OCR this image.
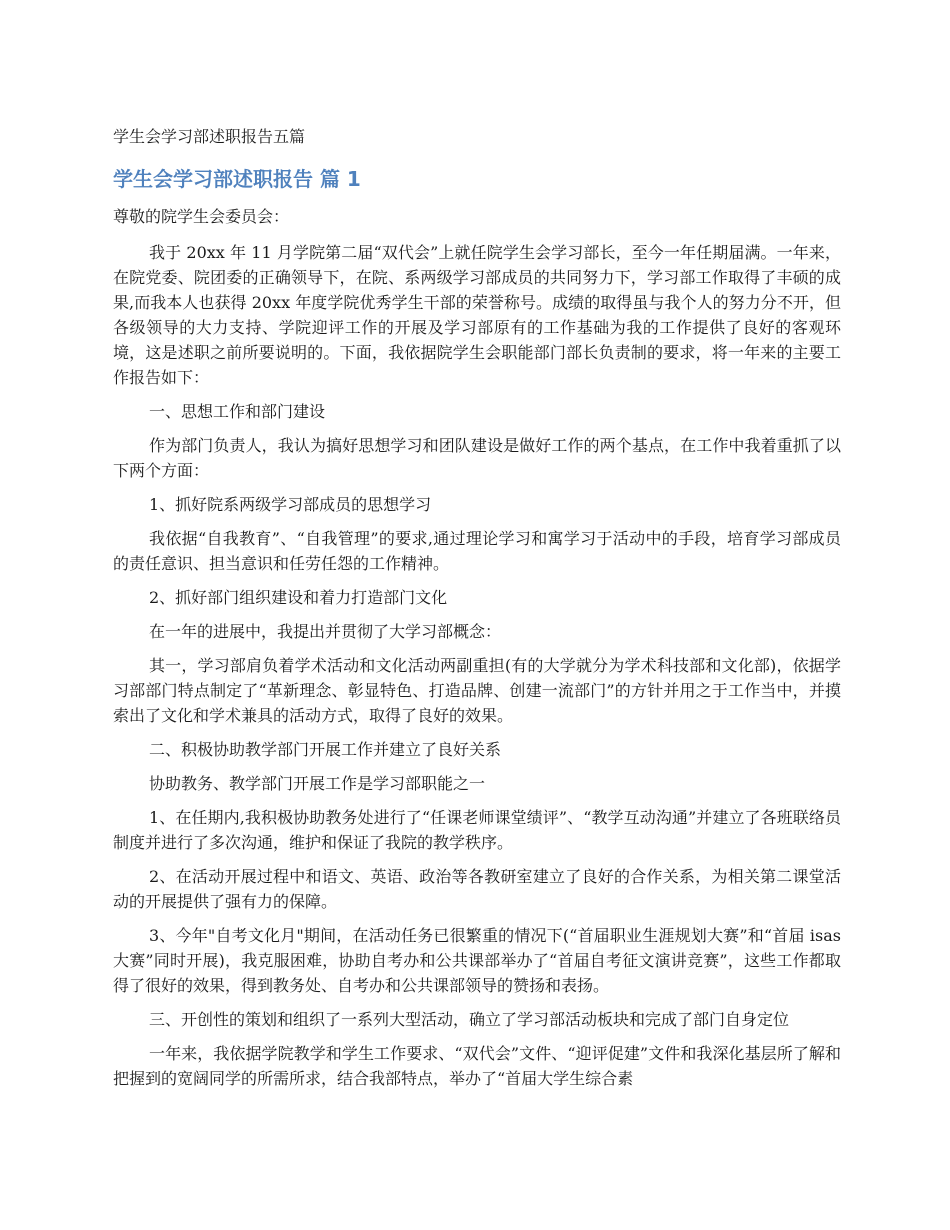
学生会学习部述职报告五篇
学生会学习部述职报告 篇 1

尊敬的院学生会委员会：

我于 20xx 年 11 月学院第二届“双代会”上就任院学生会学习部长，至今一年任期届满。一年来，在院党委、院团委的正确领导下，在院、系两级学习部成员的共同努力下，学习部工作取得了丰硕的成果,而我本人也获得 20xx 年度学院优秀学生干部的荣誉称号。成绩的取得虽与我个人的努力分不开，但各级领导的大力支持、学院迎评工作的开展及学习部原有的工作基础为我的工作提供了良好的客观环境，这是述职之前所要说明的。下面，我依据院学生会职能部门部长负责制的要求，将一年来的主要工作报告如下：

一、思想工作和部门建设

作为部门负责人，我认为搞好思想学习和团队建设是做好工作的两个基点，在工作中我着重抓了以下两个方面：

1、抓好院系两级学习部成员的思想学习

我依据“自我教育”、“自我管理”的要求,通过理论学习和寓学习于活动中的手段，培育学习部成员的责任意识、担当意识和任劳任怨的工作精神。

2、抓好部门组织建设和着力打造部门文化

在一年的进展中，我提出并贯彻了大学习部概念：

其一，学习部肩负着学术活动和文化活动两副重担(有的大学就分为学术科技部和文化部)，依据学习部部门特点制定了“革新理念、彰显特色、打造品牌、创建一流部门”的方针并用之于工作当中，并摸索出了文化和学术兼具的活动方式，取得了良好的效果。

二、积极协助教学部门开展工作并建立了良好关系

协助教务、教学部门开展工作是学习部职能之一

1、在任期内,我积极协助教务处进行了“任课老师课堂绩评”、“教学互动沟通”并建立了各班联络员制度并进行了多次沟通，维护和保证了我院的教学秩序。

2、在活动开展过程中和语文、英语、政治等各教研室建立了良好的合作关系，为相关第二课堂活动的开展提供了强有力的保障。

3、今年"自考文化月"期间，在活动任务已很繁重的情况下(“首届职业生涯规划大赛”和“首届 isas 大赛”同时开展)，我克服困难，协助自考办和公共课部举办了“首届自考征文演讲竞赛”，这些工作都取得了很好的效果，得到教务处、自考办和公共课部领导的赞扬和表扬。

三、开创性的策划和组织了一系列大型活动，确立了学习部活动板块和完成了部门自身定位

一年来，我依据学院教学和学生工作要求、“双代会”文件、“迎评促建”文件和我深化基层所了解和把握到的宽阔同学的所需所求，结合我部特点，举办了“首届大学生综合素
